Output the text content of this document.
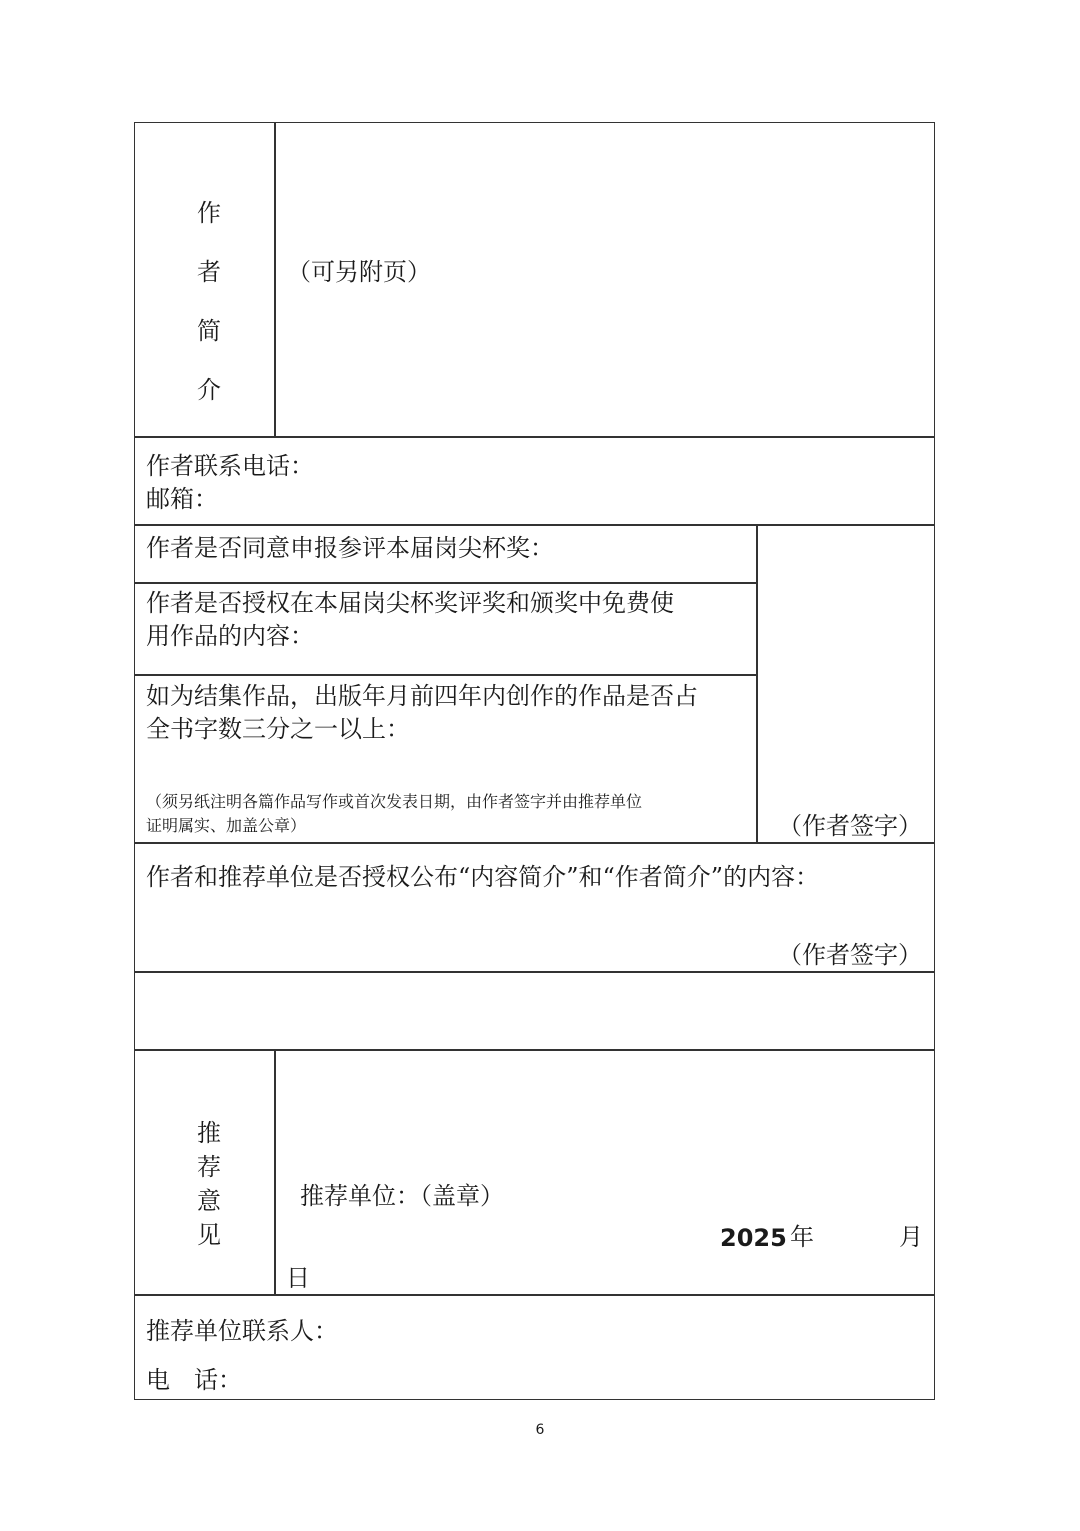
作
者
简
介
（可另附页）
作者联系电话：
邮箱：
作者是否同意申报参评本届岗尖杯奖：
作者是否授权在本届岗尖杯奖评奖和颁奖中免费使
用作品的内容：
如为结集作品，出版年月前四年内创作的作品是否占
全书字数三分之一以上：
（须另纸注明各篇作品写作或首次发表日期，由作者签字并由推荐单位
证明属实、加盖公章）	（作者签字）
作者和推荐单位是否授权公布“内容简介”和“作者简介”的内容：
（作者签字）
推
荐
意
见
推荐单位：（盖章）
2025 年	月
日
推荐单位联系人：
电 话：
6
